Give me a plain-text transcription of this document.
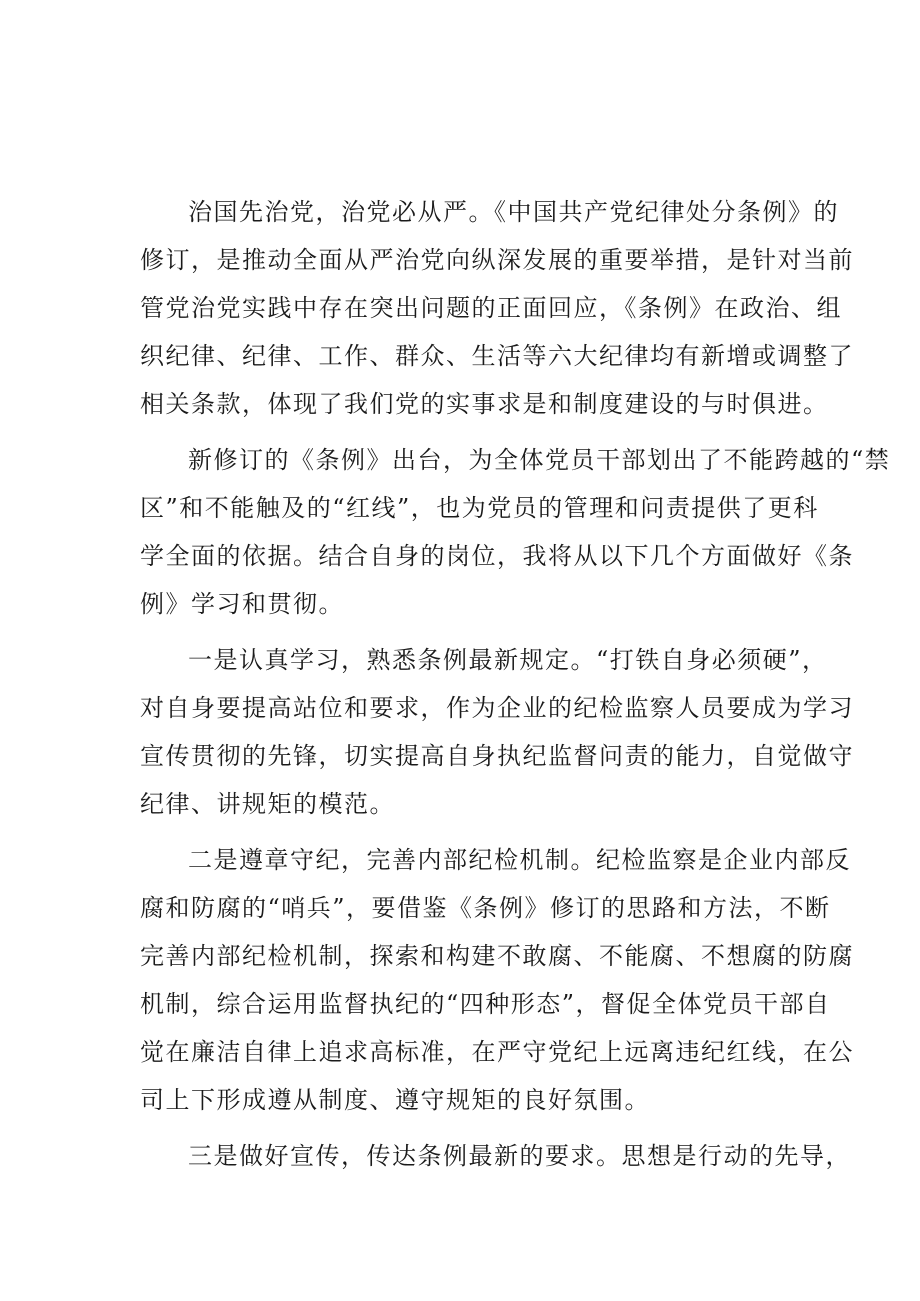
治国先治党，治党必从严。《中国共产党纪律处分条例》的
修订，是推动全面从严治党向纵深发展的重要举措，是针对当前
管党治党实践中存在突出问题的正面回应，《条例》在政治、组
织纪律、纪律、工作、群众、生活等六大纪律均有新增或调整了
相关条款，体现了我们党的实事求是和制度建设的与时俱进。

新修订的《条例》出台，为全体党员干部划出了不能跨越的“禁
区”和不能触及的“红线”，也为党员的管理和问责提供了更科
学全面的依据。结合自身的岗位，我将从以下几个方面做好《条
例》学习和贯彻。

一是认真学习，熟悉条例最新规定。“打铁自身必须硬”，
对自身要提高站位和要求，作为企业的纪检监察人员要成为学习
宣传贯彻的先锋，切实提高自身执纪监督问责的能力，自觉做守
纪律、讲规矩的模范。

二是遵章守纪，完善内部纪检机制。纪检监察是企业内部反
腐和防腐的“哨兵”，要借鉴《条例》修订的思路和方法，不断
完善内部纪检机制，探索和构建不敢腐、不能腐、不想腐的防腐
机制，综合运用监督执纪的“四种形态”，督促全体党员干部自
觉在廉洁自律上追求高标准，在严守党纪上远离违纪红线，在公
司上下形成遵从制度、遵守规矩的良好氛围。

三是做好宣传，传达条例最新的要求。思想是行动的先导，
